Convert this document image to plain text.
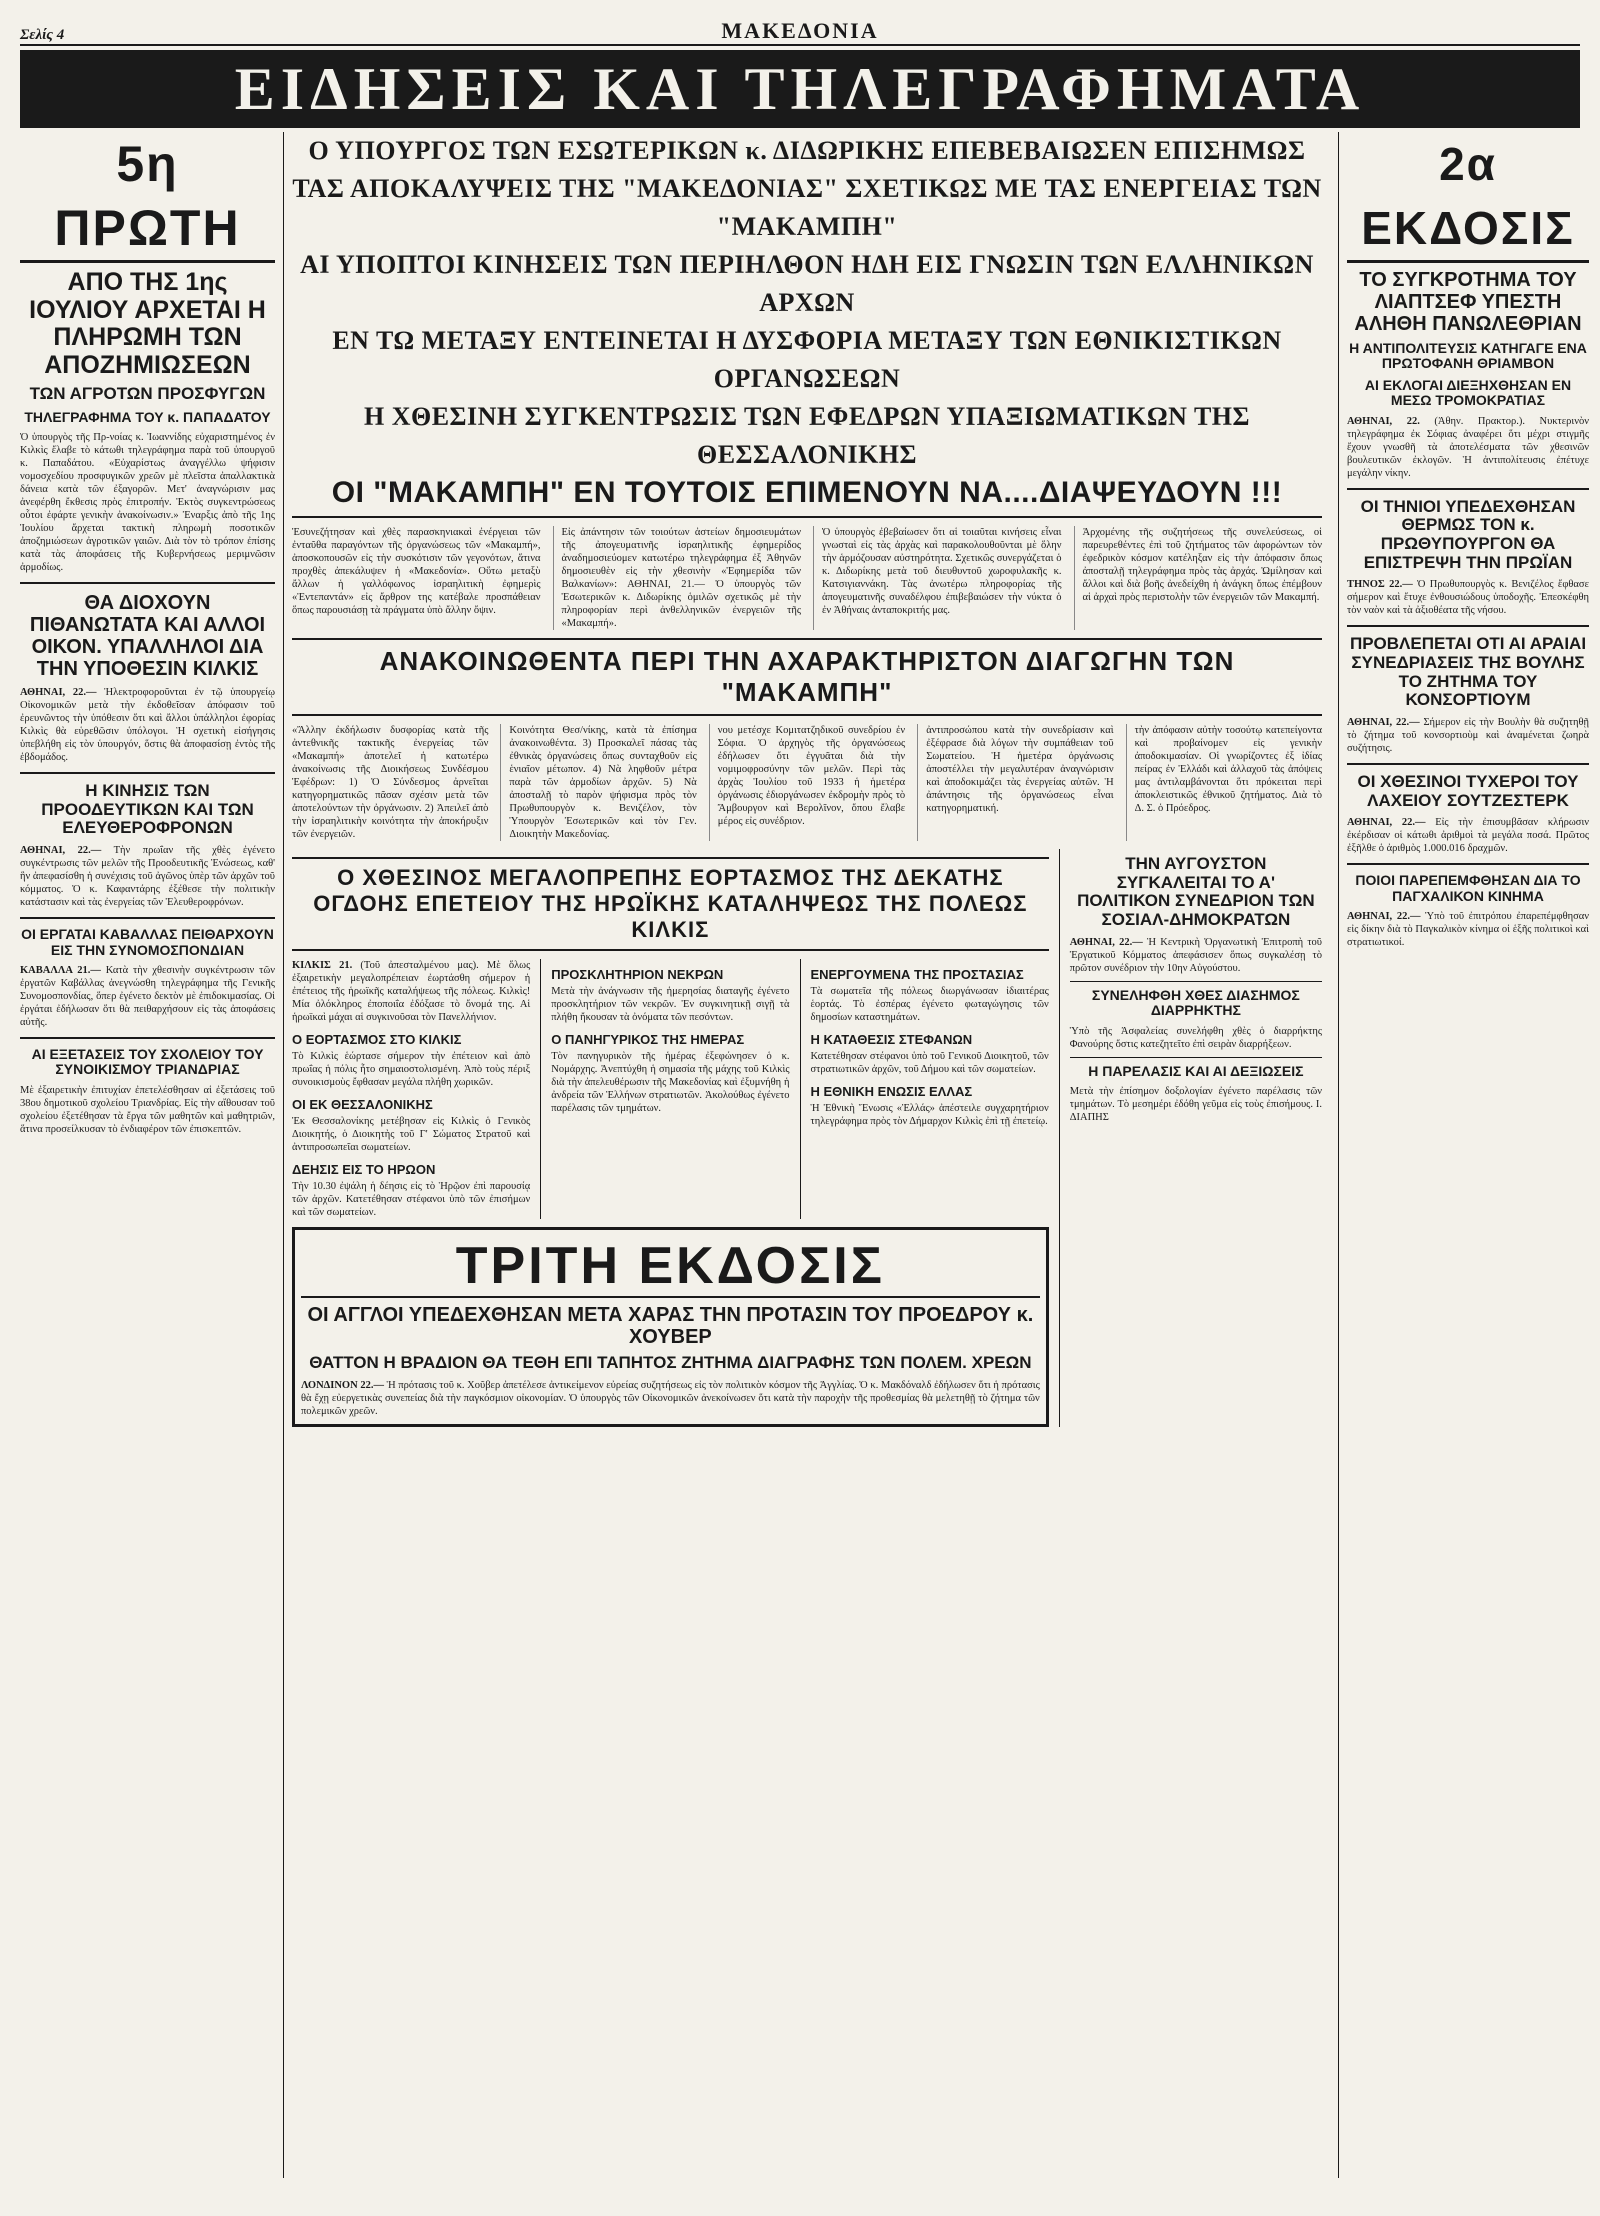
Σελίς 4	ΜΑΚΕΔΟΝΙΑ
ΕΙΔΗΣΕΙΣ ΚΑΙ ΤΗΛΕΓΡΑΦΗΜΑΤΑ
5η ΠΡΩΤΗ
ΑΠΟ ΤΗΣ 1ης ΙΟΥΛΙΟΥ ΑΡΧΕΤΑΙ Η ΠΛΗΡΩΜΗ ΤΩΝ ΑΠΟΖΗΜΙΩΣΕΩΝ
ΤΩΝ ΑΓΡΟΤΩΝ ΠΡΟΣΦΥΓΩΝ
ΤΗΛΕΓΡΑΦΗΜΑ ΤΟΥ κ. ΠΑΠΑΔΑΤΟΥ

Ὁ ὑπουργὸς τῆς Πρ-νοίας κ. Ἰωαννίδης εὐχαριστημένος ἐν Κιλκὶς ἔλαβε τὸ κάτωθι τηλεγράφημα παρὰ τοῦ ὑπουργοῦ κ. Παπαδάτου. «Εὐχαρίστως ἀναγγέλλω ψήφισιν νομοσχεδίου προσφυγικῶν χρεῶν μὲ πλεῖστα ἀπαλλακτικὰ δάνεια κατὰ τῶν ἐξαγορῶν. Μετ' ἀναγνώρισιν μας ἀνεφέρθη ἔκθεσις πρὸς ἐπιτροπήν. Ἐκτὸς συγκεντρώσεως οὗτοι ἐφάρτε γενικὴν ἀνακοίνωσιν.» Ἐναρξις ἀπὸ τῆς 1ης Ἰουλίου ἄρχεται τακτικὴ πληρωμὴ ποσοτικῶν ἀποζημιώσεων ἀγροτικῶν γαιῶν. Διὰ τὸν τὸ τρόπον ἐπίσης κατὰ τὰς ἀποφάσεις τῆς Κυβερνήσεως μεριμνῶσιν ἀρμοδίως.

ΘΑ ΔΙΟΧΟΥΝ ΠΙΘΑΝΩΤΑΤΑ ΚΑΙ ΑΛΛΟΙ ΟΙΚΟΝ. ΥΠΑΛΛΗΛΟΙ ΔΙΑ ΤΗΝ ΥΠΟΘΕΣΙΝ ΚΙΛΚΙΣ

ΑΘΗΝΑΙ, 22.— Ἠλεκτροφοροῦνται ἐν τῷ ὑπουργείῳ Οἰκονομικῶν μετὰ τὴν ἐκδοθεῖσαν ἀπόφασιν τοῦ ἐρευνῶντος τὴν ὑπόθεσιν ὅτι καὶ ἄλλοι ὑπάλληλοι ἐφορίας Κιλκὶς θὰ εὑρεθῶσιν ὑπόλογοι. Ἡ σχετικὴ εἰσήγησις ὑπεβλήθη εἰς τὸν ὑπουργόν, ὅστις θὰ ἀποφασίσῃ ἐντὸς τῆς ἑβδομάδος.

Η ΚΙΝΗΣΙΣ ΤΩΝ ΠΡΟΟΔΕΥΤΙΚΩΝ ΚΑΙ ΤΩΝ ΕΛΕΥΘΕΡΟΦΡΟΝΩΝ

ΑΘΗΝΑΙ, 22.— Τὴν πρωΐαν τῆς χθὲς ἐγένετο συγκέντρωσις τῶν μελῶν τῆς Προοδευτικῆς Ἑνώσεως, καθ' ἣν ἀπεφασίσθη ἡ συνέχισις τοῦ ἀγῶνος ὑπὲρ τῶν ἀρχῶν τοῦ κόμματος. Ὁ κ. Καφαντάρης ἐξέθεσε τὴν πολιτικὴν κατάστασιν καὶ τὰς ἐνεργείας τῶν Ἐλευθεροφρόνων.

ΟΙ ΕΡΓΑΤΑΙ ΚΑΒΑΛΛΑΣ ΠΕΙΘΑΡΧΟΥΝ ΕΙΣ ΤΗΝ ΣΥΝΟΜΟΣΠΟΝΔΙΑΝ

ΚΑΒΑΛΛΑ 21.— Κατὰ τὴν χθεσινὴν συγκέντρωσιν τῶν ἐργατῶν Καβάλλας ἀνεγνώσθη τηλεγράφημα τῆς Γενικῆς Συνομοσπονδίας, ὅπερ ἐγένετο δεκτὸν μὲ ἐπιδοκιμασίας. Οἱ ἐργάται ἐδήλωσαν ὅτι θὰ πειθαρχήσουν εἰς τὰς ἀποφάσεις αὐτῆς.

ΑΙ ΕΞΕΤΑΣΕΙΣ ΤΟΥ ΣΧΟΛΕΙΟΥ ΤΟΥ ΣΥΝΟΙΚΙΣΜΟΥ ΤΡΙΑΝΔΡΙΑΣ

Μὲ ἐξαιρετικὴν ἐπιτυχίαν ἐπετελέσθησαν αἱ ἐξετάσεις τοῦ 38ου δημοτικοῦ σχολείου Τριανδρίας. Εἰς τὴν αἴθουσαν τοῦ σχολείου ἐξετέθησαν τὰ ἔργα τῶν μαθητῶν καὶ μαθητριῶν, ἅτινα προσείλκυσαν τὸ ἐνδιαφέρον τῶν ἐπισκεπτῶν.

Ο ΥΠΟΥΡΓΟΣ ΤΩΝ ΕΣΩΤΕΡΙΚΩΝ κ. ΔΙΔΩΡΙΚΗΣ ΕΠΕΒΕΒΑΙΩΣΕΝ ΕΠΙΣΗΜΩΣ
ΤΑΣ ΑΠΟΚΑΛΥΨΕΙΣ ΤΗΣ "ΜΑΚΕΔΟΝΙΑΣ" ΣΧΕΤΙΚΩΣ ΜΕ ΤΑΣ ΕΝΕΡΓΕΙΑΣ ΤΩΝ "ΜΑΚΑΜΠΗ"
ΑΙ ΥΠΟΠΤΟΙ ΚΙΝΗΣΕΙΣ ΤΩΝ ΠΕΡΙΗΛΘΟΝ ΗΔΗ ΕΙΣ ΓΝΩΣΙΝ ΤΩΝ ΕΛΛΗΝΙΚΩΝ ΑΡΧΩΝ
ΕΝ ΤΩ ΜΕΤΑΞΥ ΕΝΤΕΙΝΕΤΑΙ Η ΔΥΣΦΟΡΙΑ ΜΕΤΑΞΥ ΤΩΝ ΕΘΝΙΚΙΣΤΙΚΩΝ ΟΡΓΑΝΩΣΕΩΝ
Η ΧΘΕΣΙΝΗ ΣΥΓΚΕΝΤΡΩΣΙΣ ΤΩΝ ΕΦΕΔΡΩΝ ΥΠΑΞΙΩΜΑΤΙΚΩΝ ΤΗΣ ΘΕΣΣΑΛΟΝΙΚΗΣ
ΟΙ "ΜΑΚΑΜΠΗ" ΕΝ ΤΟΥΤΟΙΣ ΕΠΙΜΕΝΟΥΝ ΝΑ....ΔΙΑΨΕΥΔΟΥΝ !!!

Ἐσυνεζήτησαν καὶ χθὲς παρασκηνιακαὶ ἐνέργειαι τῶν ἐνταῦθα παραγόντων τῆς ὀργανώσεως τῶν «Μακαμπή», ἀποσκοπουσῶν εἰς τὴν συσκότισιν τῶν γεγονότων, ἅτινα προχθὲς ἀπεκάλυψεν ἡ «Μακεδονία». Οὕτω μεταξὺ ἄλλων ἡ γαλλόφωνος ἰσραηλιτικὴ ἐφημερὶς «Ἐντεπαντάν» εἰς ἄρθρον της κατέβαλε προσπάθειαν ὅπως παρουσιάσῃ τὰ πράγματα ὑπὸ ἄλλην ὄψιν.

Εἰς ἀπάντησιν τῶν τοιούτων ἀστείων δημοσιευμάτων τῆς ἀπογευματινῆς ἰσραηλιτικῆς ἐφημερίδος ἀναδημοσιεύομεν κατωτέρω τηλεγράφημα ἐξ Ἀθηνῶν δημοσιευθὲν εἰς τὴν χθεσινὴν «Ἐφημερίδα τῶν Βαλκανίων»: ΑΘΗΝΑΙ, 21.— Ὁ ὑπουργὸς τῶν Ἐσωτερικῶν κ. Διδωρίκης ὁμιλῶν σχετικῶς μὲ τὴν πληροφορίαν περὶ ἀνθελληνικῶν ἐνεργειῶν τῆς «Μακαμπή».

Ὁ ὑπουργὸς ἐβεβαίωσεν ὅτι αἱ τοιαῦται κινήσεις εἶναι γνωσταὶ εἰς τὰς ἀρχὰς καὶ παρακολουθοῦνται μὲ ὅλην τὴν ἁρμόζουσαν αὐστηρότητα. Σχετικῶς συνεργάζεται ὁ κ. Διδωρίκης μετὰ τοῦ διευθυντοῦ χωροφυλακῆς κ. Κατσιγιαννάκη. Τὰς ἀνωτέρω πληροφορίας τῆς ἀπογευματινῆς συναδέλφου ἐπιβεβαιώσεν τὴν νύκτα ὁ ἐν Ἀθήναις ἀνταποκριτής μας.

Ἀρχομένης τῆς συζητήσεως τῆς συνελεύσεως, οἱ παρευρεθέντες ἐπὶ τοῦ ζητήματος τῶν ἀφορώντων τὸν ἐφεδρικὸν κόσμον κατέληξαν εἰς τὴν ἀπόφασιν ὅπως ἀποσταλῇ τηλεγράφημα πρὸς τὰς ἀρχάς. Ὡμίλησαν καὶ ἄλλοι καὶ διὰ βοῆς ἀνεδείχθη ἡ ἀνάγκη ὅπως ἐπέμβουν αἱ ἀρχαὶ πρὸς περιστολὴν τῶν ἐνεργειῶν τῶν Μακαμπή.

ΑΝΑΚΟΙΝΩΘΕΝΤΑ ΠΕΡΙ ΤΗΝ ΑΧΑΡΑΚΤΗΡΙΣΤΟΝ ΔΙΑΓΩΓΗΝ ΤΩΝ "ΜΑΚΑΜΠΗ"

«Ἄλλην ἐκδήλωσιν δυσφορίας κατὰ τῆς ἀντεθνικῆς τακτικῆς ἐνεργείας τῶν «Μακαμπή» ἀποτελεῖ ἡ κατωτέρω ἀνακοίνωσις τῆς Διοικήσεως Συνδέσμου Ἐφέδρων: 1) Ὁ Σύνδεσμος ἀρνεῖται κατηγορηματικῶς πᾶσαν σχέσιν μετὰ τῶν ἀποτελούντων τὴν ὀργάνωσιν. 2) Ἀπειλεῖ ἀπὸ τὴν ἰσραηλιτικὴν κοινότητα τὴν ἀποκήρυξιν τῶν ἐνεργειῶν.

Κοινότητα Θεσ/νίκης, κατὰ τὰ ἐπίσημα ἀνακοινωθέντα. 3) Προσκαλεῖ πάσας τὰς ἐθνικὰς ὀργανώσεις ὅπως συνταχθοῦν εἰς ἑνιαῖον μέτωπον. 4) Νὰ ληφθοῦν μέτρα παρὰ τῶν ἀρμοδίων ἀρχῶν. 5) Νὰ ἀποσταλῇ τὸ παρὸν ψήφισμα πρὸς τὸν Πρωθυπουργὸν κ. Βενιζέλον, τὸν Ὑπουργὸν Ἐσωτερικῶν καὶ τὸν Γεν. Διοικητὴν Μακεδονίας.

νου μετέσχε Κομιτατζηδικοῦ συνεδρίου ἐν Σόφια. Ὁ ἀρχηγὸς τῆς ὀργανώσεως ἐδήλωσεν ὅτι ἐγγυᾶται διὰ τὴν νομιμοφροσύνην τῶν μελῶν. Περὶ τὰς ἀρχὰς Ἰουλίου τοῦ 1933 ἡ ἡμετέρα ὀργάνωσις ἐδιοργάνωσεν ἐκδρομὴν πρὸς τὸ Ἄμβουργον καὶ Βερολῖνον, ὅπου ἔλαβε μέρος εἰς συνέδριον.

ἀντιπροσώπου κατὰ τὴν συνεδρίασιν καὶ ἐξέφρασε διὰ λόγων τὴν συμπάθειαν τοῦ Σωματείου. Ἡ ἡμετέρα ὀργάνωσις ἀποστέλλει τὴν μεγαλυτέραν ἀναγνώρισιν καὶ ἀποδοκιμάζει τὰς ἐνεργείας αὐτῶν. Ἡ ἀπάντησις τῆς ὀργανώσεως εἶναι κατηγορηματική.

τὴν ἀπόφασιν αὐτὴν τοσούτῳ κατεπείγοντα καὶ προβαίνομεν εἰς γενικὴν ἀποδοκιμασίαν. Οἱ γνωρίζοντες ἐξ ἰδίας πείρας ἐν Ἑλλάδι καὶ ἀλλαχοῦ τὰς ἀπόψεις μας ἀντιλαμβάνονται ὅτι πρόκειται περὶ ἀποκλειστικῶς ἐθνικοῦ ζητήματος. Διὰ τὸ Δ. Σ. ὁ Πρόεδρος.

Ο ΧΘΕΣΙΝΟΣ ΜΕΓΑΛΟΠΡΕΠΗΣ ΕΟΡΤΑΣΜΟΣ ΤΗΣ ΔΕΚΑΤΗΣ ΟΓΔΟΗΣ ΕΠΕΤΕΙΟΥ ΤΗΣ ΗΡΩΪΚΗΣ ΚΑΤΑΛΗΨΕΩΣ ΤΗΣ ΠΟΛΕΩΣ ΚΙΛΚΙΣ

ΚΙΛΚΙΣ 21. (Τοῦ ἀπεσταλμένου μας). Μὲ ὅλως ἐξαιρετικὴν μεγαλοπρέπειαν ἐωρτάσθη σήμερον ἡ ἐπέτειος τῆς ἡρωϊκῆς καταλήψεως τῆς πόλεως. Κιλκὶς! Μία ὀλόκληρος ἐποποιΐα ἐδόξασε τὸ ὄνομά της. Αἱ ἡρωϊκαὶ μάχαι αἱ συγκινοῦσαι τὸν Πανελλήνιον.

Ο ΕΟΡΤΑΣΜΟΣ ΣΤΟ ΚΙΛΚΙΣ

Τὸ Κιλκὶς ἑώρτασε σήμερον τὴν ἐπέτειον καὶ ἀπὸ πρωΐας ἡ πόλις ἦτο σημαιοστολισμένη. Ἀπὸ τοὺς πέριξ συνοικισμοὺς ἔφθασαν μεγάλα πλήθη χωρικῶν.

ΟΙ ΕΚ ΘΕΣΣΑΛΟΝΙΚΗΣ

Ἐκ Θεσσαλονίκης μετέβησαν εἰς Κιλκὶς ὁ Γενικὸς Διοικητής, ὁ Διοικητὴς τοῦ Γ' Σώματος Στρατοῦ καὶ ἀντιπροσωπεῖαι σωματείων.

ΔΕΗΣΙΣ ΕΙΣ ΤΟ ΗΡΩΟΝ

Τὴν 10.30 ἐψάλη ἡ δέησις εἰς τὸ Ἡρῷον ἐπὶ παρουσίᾳ τῶν ἀρχῶν. Κατετέθησαν στέφανοι ὑπὸ τῶν ἐπισήμων καὶ τῶν σωματείων.

ΠΡΟΣΚΛΗΤΗΡΙΟΝ ΝΕΚΡΩΝ

Μετὰ τὴν ἀνάγνωσιν τῆς ἡμερησίας διαταγῆς ἐγένετο προσκλητήριον τῶν νεκρῶν. Ἐν συγκινητικῇ σιγῇ τὰ πλήθη ἤκουσαν τὰ ὀνόματα τῶν πεσόντων.

Ο ΠΑΝΗΓΥΡΙΚΟΣ ΤΗΣ ΗΜΕΡΑΣ

Τὸν πανηγυρικὸν τῆς ἡμέρας ἐξεφώνησεν ὁ κ. Νομάρχης. Ἀνεπτύχθη ἡ σημασία τῆς μάχης τοῦ Κιλκὶς διὰ τὴν ἀπελευθέρωσιν τῆς Μακεδονίας καὶ ἐξυμνήθη ἡ ἀνδρεία τῶν Ἑλλήνων στρατιωτῶν. Ἀκολούθως ἐγένετο παρέλασις τῶν τμημάτων.

ΕΝΕΡΓΟΥΜΕΝΑ ΤΗΣ ΠΡΟΣΤΑΣΙΑΣ

Τὰ σωματεῖα τῆς πόλεως διωργάνωσαν ἰδιαιτέρας ἑορτάς. Τὸ ἐσπέρας ἐγένετο φωταγώγησις τῶν δημοσίων καταστημάτων.

Η ΚΑΤΑΘΕΣΙΣ ΣΤΕΦΑΝΩΝ

Κατετέθησαν στέφανοι ὑπὸ τοῦ Γενικοῦ Διοικητοῦ, τῶν στρατιωτικῶν ἀρχῶν, τοῦ Δήμου καὶ τῶν σωματείων.

Η ΕΘΝΙΚΗ ΕΝΩΣΙΣ ΕΛΛΑΣ

Ἡ Ἐθνικὴ Ἕνωσις «Ἑλλάς» ἀπέστειλε συγχαρητήριον τηλεγράφημα πρὸς τὸν Δήμαρχον Κιλκὶς ἐπὶ τῇ ἐπετείῳ.

ΤΡΙΤΗ ΕΚΔΟΣΙΣ
ΟΙ ΑΓΓΛΟΙ ΥΠΕΔΕΧΘΗΣΑΝ ΜΕΤΑ ΧΑΡΑΣ ΤΗΝ ΠΡΟΤΑΣΙΝ ΤΟΥ ΠΡΟΕΔΡΟΥ κ. ΧΟΥΒΕΡ
ΘΑΤΤΟΝ Η ΒΡΑΔΙΟΝ ΘΑ ΤΕΘΗ ΕΠΙ ΤΑΠΗΤΟΣ ΖΗΤΗΜΑ ΔΙΑΓΡΑΦΗΣ ΤΩΝ ΠΟΛΕΜ. ΧΡΕΩΝ

ΛΟΝΔΙΝΟΝ 22.— Ἡ πρότασις τοῦ κ. Χοῦβερ ἀπετέλεσε ἀντικείμενον εὐρείας συζητήσεως εἰς τὸν πολιτικὸν κόσμον τῆς Ἀγγλίας. Ὁ κ. Μακδόναλδ ἐδήλωσεν ὅτι ἡ πρότασις θὰ ἔχῃ εὐεργετικὰς συνεπείας διὰ τὴν παγκόσμιον οἰκονομίαν. Ὁ ὑπουργὸς τῶν Οἰκονομικῶν ἀνεκοίνωσεν ὅτι κατὰ τὴν παροχὴν τῆς προθεσμίας θὰ μελετηθῇ τὸ ζήτημα τῶν πολεμικῶν χρεῶν.

ΤΗΝ ΑΥΓΟΥΣΤΟΝ ΣΥΓΚΑΛΕΙΤΑΙ ΤΟ Α' ΠΟΛΙΤΙΚΟΝ ΣΥΝΕΔΡΙΟΝ ΤΩΝ ΣΟΣΙΑΛ-ΔΗΜΟΚΡΑΤΩΝ

ΑΘΗΝΑΙ, 22.— Ἡ Κεντρικὴ Ὀργανωτικὴ Ἐπιτροπὴ τοῦ Ἐργατικοῦ Κόμματος ἀπεφάσισεν ὅπως συγκαλέσῃ τὸ πρῶτον συνέδριον τὴν 10ην Αὐγούστου.

ΣΥΝΕΛΗΦΘΗ ΧΘΕΣ ΔΙΑΣΗΜΟΣ ΔΙΑΡΡΗΚΤΗΣ

Ὑπὸ τῆς Ἀσφαλείας συνελήφθη χθὲς ὁ διαρρήκτης Φανούρης ὅστις κατεζητεῖτο ἐπὶ σειρὰν διαρρήξεων.

Η ΠΑΡΕΛΑΣΙΣ ΚΑΙ ΑΙ ΔΕΞΙΩΣΕΙΣ

Μετὰ τὴν ἐπίσημον δοξολογίαν ἐγένετο παρέλασις τῶν τμημάτων. Τὸ μεσημέρι ἐδόθη γεῦμα εἰς τοὺς ἐπισήμους. Ι. ΔΙΑΠΗΣ

2α ΕΚΔΟΣΙΣ
ΤΟ ΣΥΓΚΡΟΤΗΜΑ ΤΟΥ ΛΙΑΠΤΣΕΦ ΥΠΕΣΤΗ ΑΛΗΘΗ ΠΑΝΩΛΕΘΡΙΑΝ
Η ΑΝΤΙΠΟΛΙΤΕΥΣΙΣ ΚΑΤΗΓΑΓΕ ΕΝΑ ΠΡΩΤΟΦΑΝΗ ΘΡΙΑΜΒΟΝ
ΑΙ ΕΚΛΟΓΑΙ ΔΙΕΞΗΧΘΗΣΑΝ ΕΝ ΜΕΣΩ ΤΡΟΜΟΚΡΑΤΙΑΣ

ΑΘΗΝΑΙ, 22. (Ἀθην. Πρακτορ.). Νυκτερινὸν τηλεγράφημα ἐκ Σόφιας ἀναφέρει ὅτι μέχρι στιγμῆς ἔχουν γνωσθῆ τὰ ἀποτελέσματα τῶν χθεσινῶν βουλευτικῶν ἐκλογῶν. Ἡ ἀντιπολίτευσις ἐπέτυχε μεγάλην νίκην.

ΟΙ ΤΗΝΙΟΙ ΥΠΕΔΕΧΘΗΣΑΝ ΘΕΡΜΩΣ ΤΟΝ κ. ΠΡΩΘΥΠΟΥΡΓΟΝ ΘΑ ΕΠΙΣΤΡΕΨΗ ΤΗΝ ΠΡΩΪΑΝ

ΤΗΝΟΣ 22.— Ὁ Πρωθυπουργὸς κ. Βενιζέλος ἔφθασε σήμερον καὶ ἔτυχε ἐνθουσιώδους ὑποδοχῆς. Ἐπεσκέφθη τὸν ναὸν καὶ τὰ ἀξιοθέατα τῆς νήσου.

ΠΡΟΒΛΕΠΕΤΑΙ ΟΤΙ ΑΙ ΑΡΑΙΑΙ ΣΥΝΕΔΡΙΑΣΕΙΣ ΤΗΣ ΒΟΥΛΗΣ ΤΟ ΖΗΤΗΜΑ ΤΟΥ ΚΟΝΣΟΡΤΙΟΥΜ

ΑΘΗΝΑΙ, 22.— Σήμερον εἰς τὴν Βουλὴν θὰ συζητηθῇ τὸ ζήτημα τοῦ κονσορτιοὺμ καὶ ἀναμένεται ζωηρὰ συζήτησις.

ΟΙ ΧΘΕΣΙΝΟΙ ΤΥΧΕΡΟΙ ΤΟΥ ΛΑΧΕΙΟΥ ΣΟΥΤΖΕΣΤΕΡΚ

ΑΘΗΝΑΙ, 22.— Εἰς τὴν ἐπισυμβᾶσαν κλήρωσιν ἐκέρδισαν οἱ κάτωθι ἀριθμοὶ τὰ μεγάλα ποσά. Πρῶτος ἐξῆλθε ὁ ἀριθμὸς 1.000.016 δραχμῶν.

ΠΟΙΟΙ ΠΑΡΕΠΕΜΦΘΗΣΑΝ ΔΙΑ ΤΟ ΠΑΓΧΑΛΙΚΟΝ ΚΙΝΗΜΑ

ΑΘΗΝΑΙ, 22.— Ὑπὸ τοῦ ἐπιτρόπου ἐπαρεπέμφθησαν εἰς δίκην διὰ τὸ Παγκαλικὸν κίνημα οἱ ἑξῆς πολιτικοὶ καὶ στρατιωτικοί.
